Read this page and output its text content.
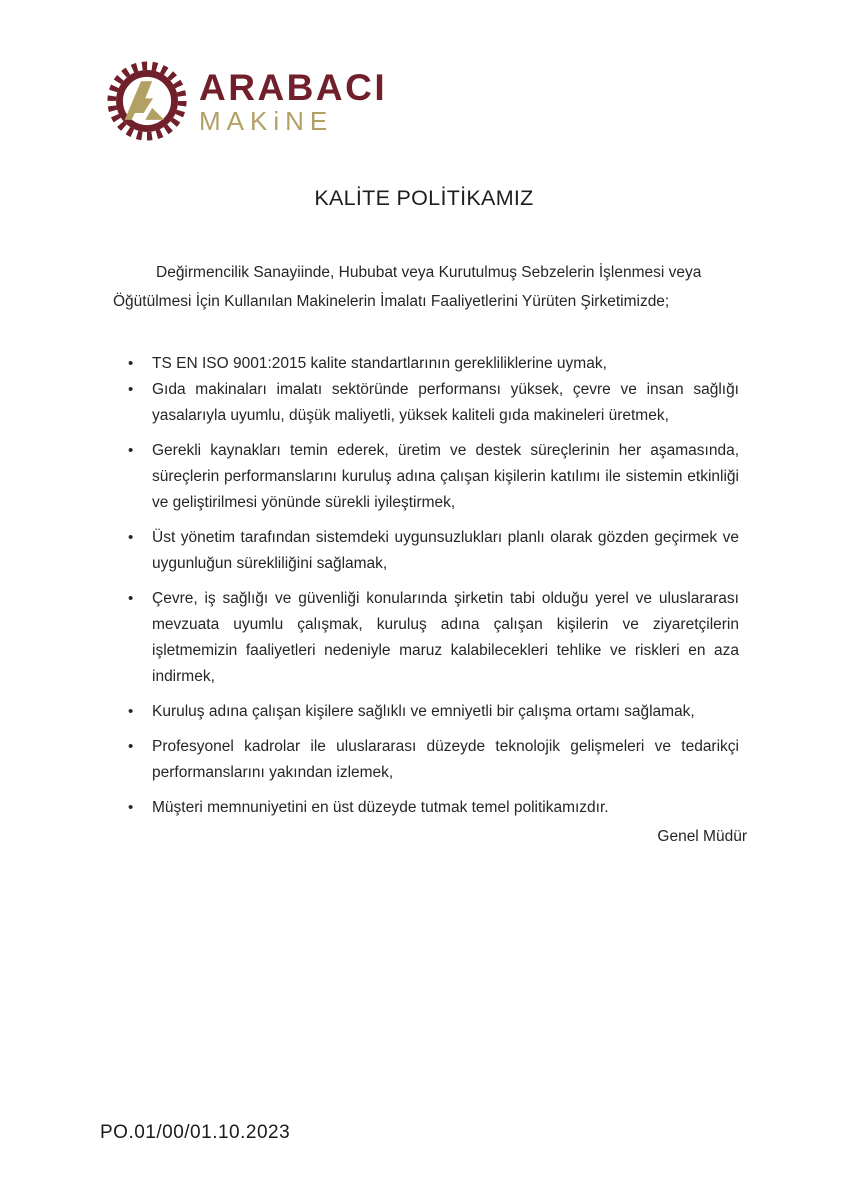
ARABACI
MAKiNE
KALİTE POLİTİKAMIZ

Değirmencilik Sanayiinde, Hububat veya Kurutulmuş Sebzelerin İşlenmesi veya Öğütülmesi İçin Kullanılan Makinelerin İmalatı Faaliyetlerini Yürüten Şirketimizde;

• TS EN ISO 9001:2015 kalite standartlarının gerekliliklerine uymak,
• Gıda makinaları imalatı sektöründe performansı yüksek, çevre ve insan sağlığı yasalarıyla uyumlu, düşük maliyetli, yüksek kaliteli gıda makineleri üretmek,
• Gerekli kaynakları temin ederek, üretim ve destek süreçlerinin her aşamasında, süreçlerin performanslarını kuruluş adına çalışan kişilerin katılımı ile sistemin etkinliği ve geliştirilmesi yönünde sürekli iyileştirmek,
• Üst yönetim tarafından sistemdeki uygunsuzlukları planlı olarak gözden geçirmek ve uygunluğun sürekliliğini sağlamak,
• Çevre, iş sağlığı ve güvenliği konularında şirketin tabi olduğu yerel ve uluslararası mevzuata uyumlu çalışmak, kuruluş adına çalışan kişilerin ve ziyaretçilerin işletmemizin faaliyetleri nedeniyle maruz kalabilecekleri tehlike ve riskleri en aza indirmek,
• Kuruluş adına çalışan kişilere sağlıklı ve emniyetli bir çalışma ortamı sağlamak,
• Profesyonel kadrolar ile uluslararası düzeyde teknolojik gelişmeleri ve tedarikçi performanslarını yakından izlemek,
• Müşteri memnuniyetini en üst düzeyde tutmak temel politikamızdır.
Genel Müdür
PO.01/00/01.10.2023
